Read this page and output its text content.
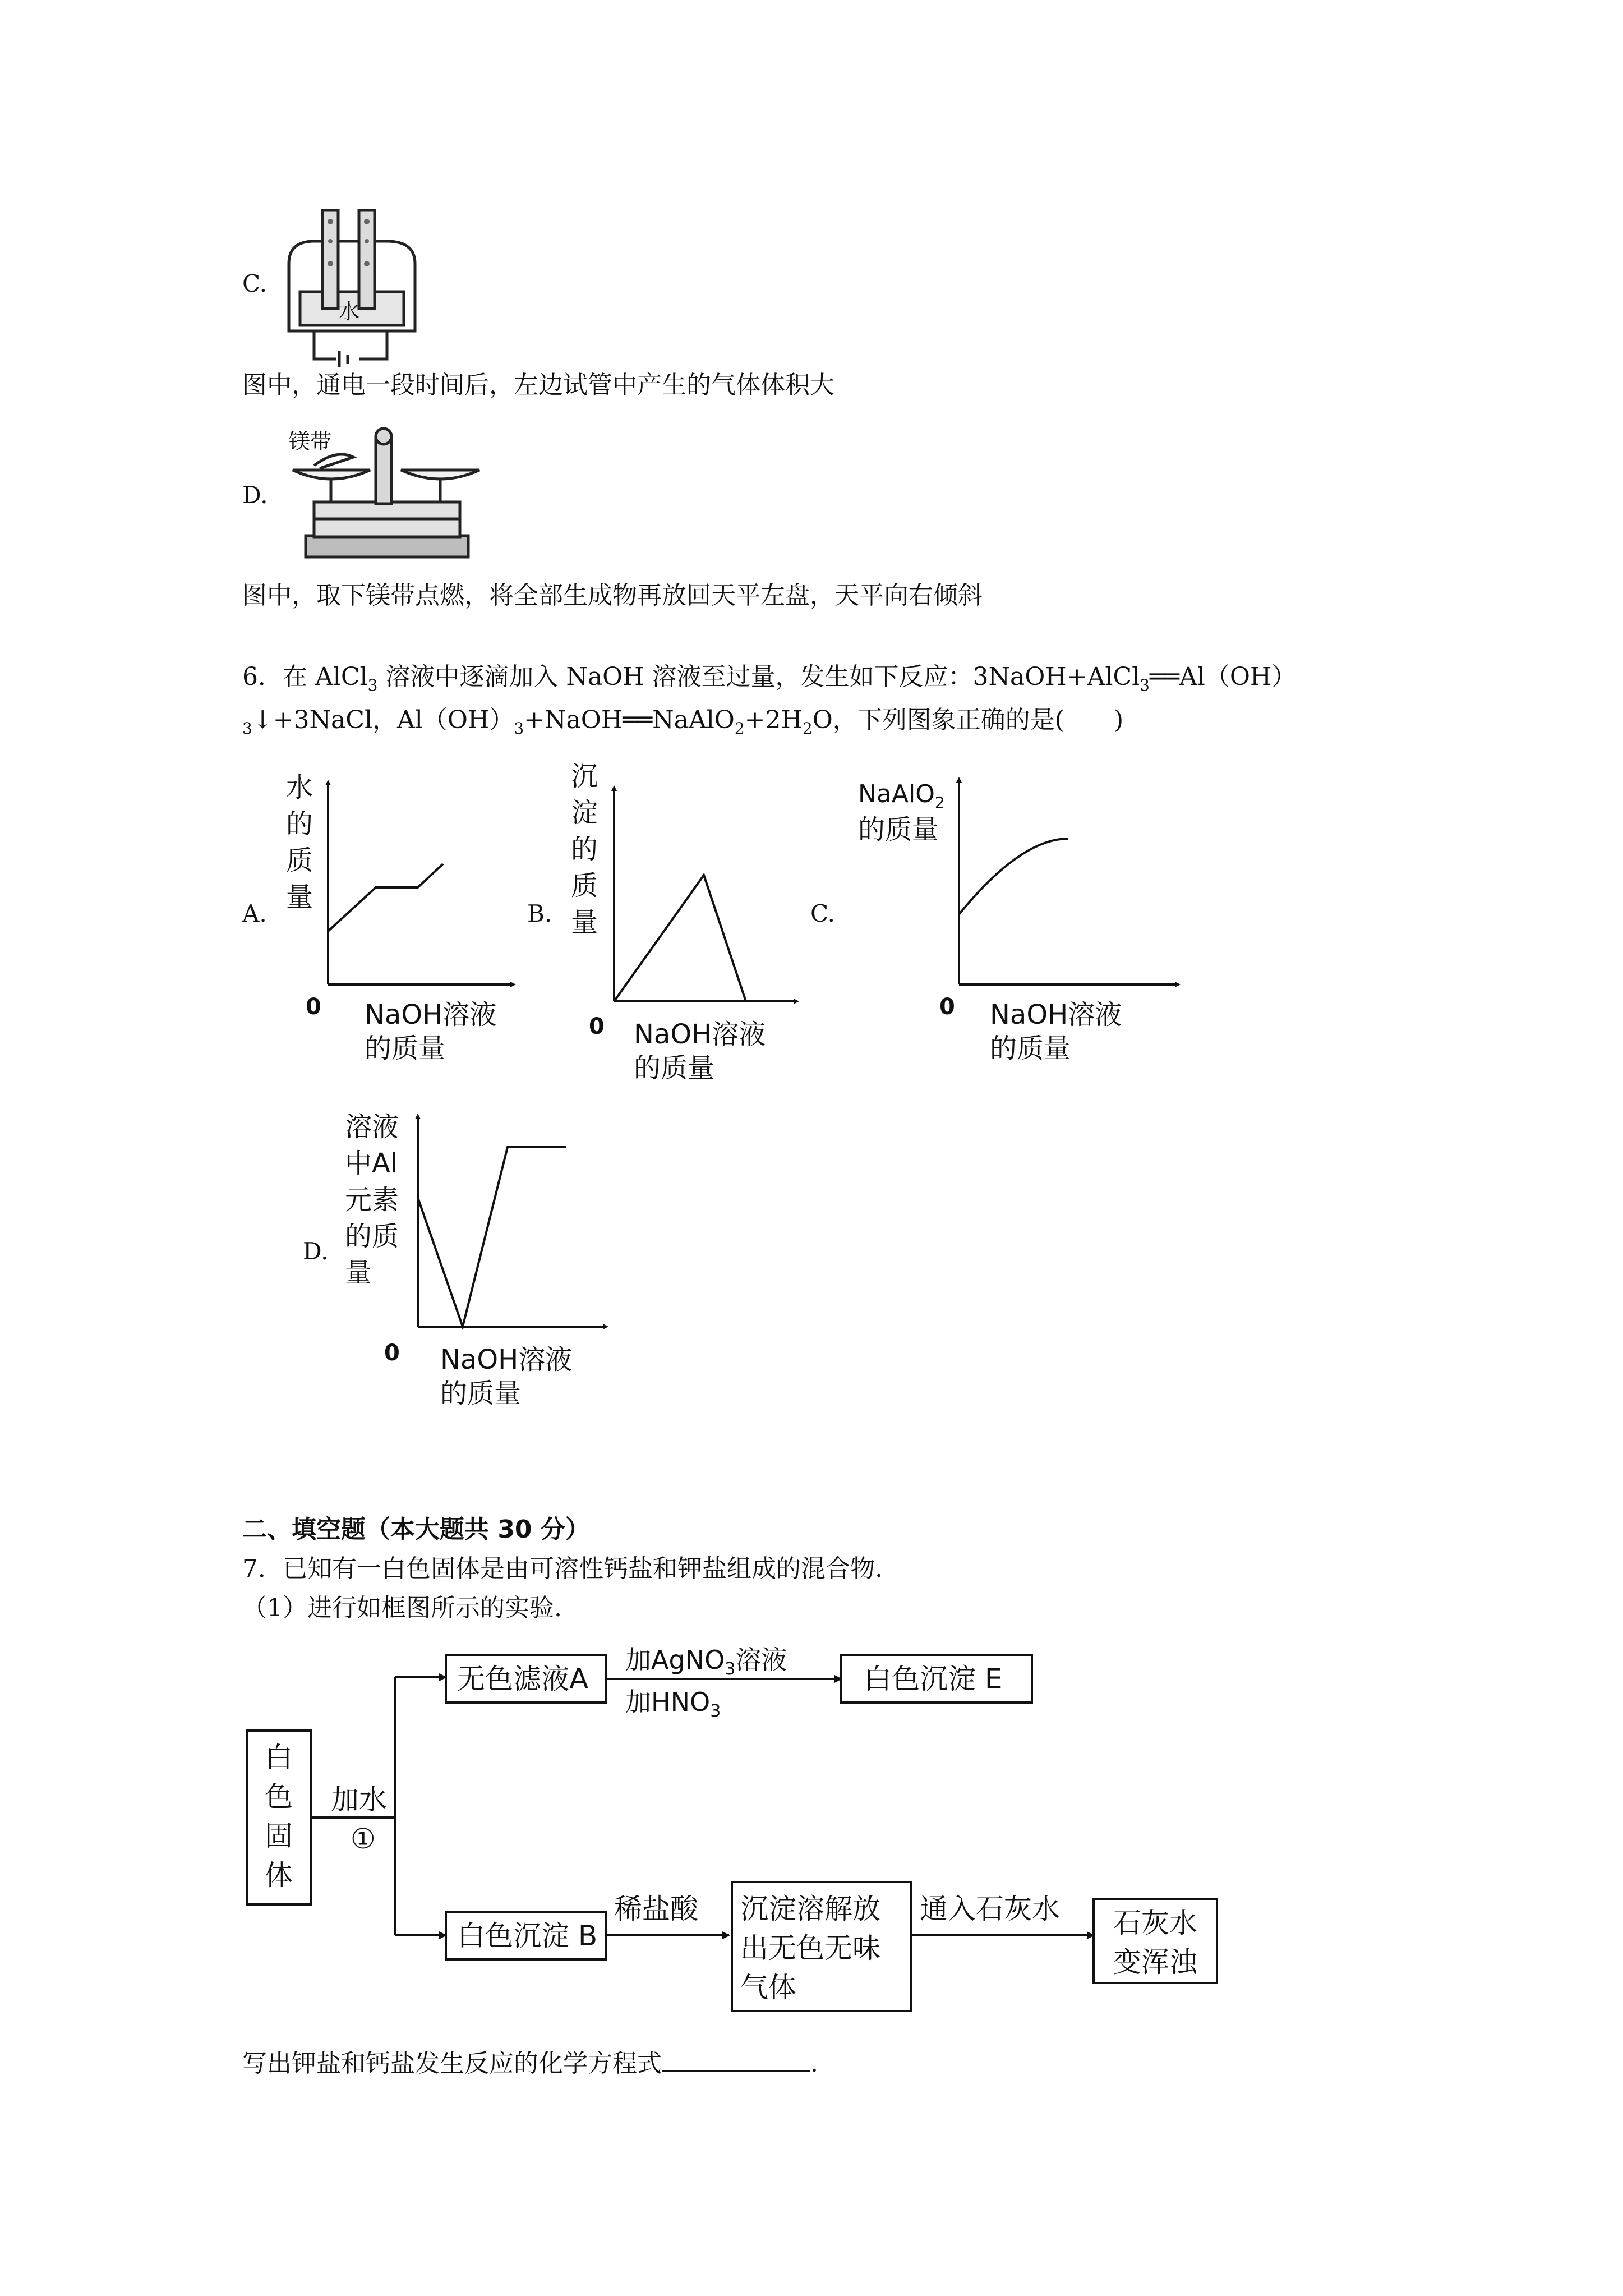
C.
水
图中，通电一段时间后，左边试管中产生的气体体积大
D.
镁带
图中，取下镁带点燃，将全部生成物再放回天平左盘，天平向右倾斜
6．在 AlCl$_3$ 溶液中逐滴加入 NaOH 溶液至过量，发生如下反应：3NaOH+AlCl$_3$══Al（OH）
$_3$↓+3NaCl，$Al(OH)_3+NaOH══NaAlO_2+2H_2O$，下列图象正确的是(　　)
A.	B.	C.
D.
水
的
质
量
0 NaOH溶液
的质量
沉
淀
的
质
量
0 NaOH溶液
的质量
NaAlO$_2$
的质量
0 NaOH溶液
的质量
溶液
中Al
元素
的质
量
0 NaOH溶液
的质量
二、填空题（本大题共 30 分）
7．已知有一白色固体是由可溶性钙盐和钾盐组成的混合物.
（1）进行如框图所示的实验.
白
色
固
体
加水
①
无色滤液A	白色沉淀 E
白色沉淀 B
稀盐酸 沉淀溶解放
出无色无味
气体
通入石灰水 石灰水
变浑浊
加AgNO$_3$溶液
加$HNO_3$
写出钾盐和钙盐发生反应的化学方程式	.
